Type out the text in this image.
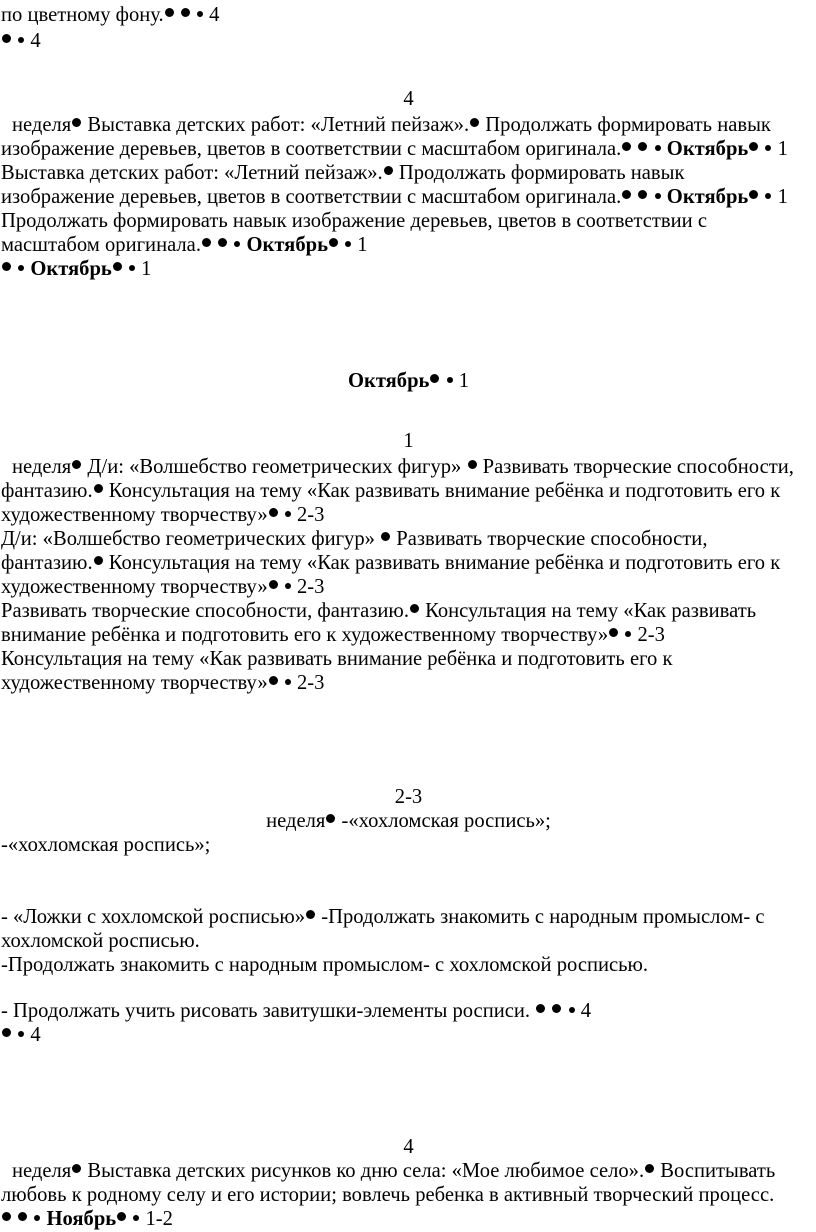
по цветному фону. 4
4
4
неделя Выставка детских работ: «Летний пейзаж». Продолжать формировать навык
изображение деревьев, цветов в соответствии с масштабом оригинала. Октябрь 1
Выставка детских работ: «Летний пейзаж». Продолжать формировать навык
изображение деревьев, цветов в соответствии с масштабом оригинала. Октябрь 1
Продолжать формировать навык изображение деревьев, цветов в соответствии с
масштабом оригинала. Октябрь 1
Октябрь 1
Октябрь 1
1
неделя Д/и: «Волшебство геометрических фигур» Развивать творческие способности,
фантазию. Консультация на тему «Как развивать внимание ребёнка и подготовить его к
художественному творчеству» 2-3
Д/и: «Волшебство геометрических фигур» Развивать творческие способности,
фантазию. Консультация на тему «Как развивать внимание ребёнка и подготовить его к
художественному творчеству» 2-3
Развивать творческие способности, фантазию. Консультация на тему «Как развивать
внимание ребёнка и подготовить его к художественному творчеству» 2-3
Консультация на тему «Как развивать внимание ребёнка и подготовить его к
художественному творчеству» 2-3
2-3
неделя -«хохломская роспись»;
-«хохломская роспись»;
- «Ложки с хохломской росписью» -Продолжать знакомить с народным промыслом- с
хохломской росписью.
-Продолжать знакомить с народным промыслом- с хохломской росписью.
- Продолжать учить рисовать завитушки-элементы росписи. 4
4
4
неделя Выставка детских рисунков ко дню села: «Мое любимое село». Воспитывать
любовь к родному селу и его истории; вовлечь ребенка в активный творческий процесс.
Ноябрь 1-2
